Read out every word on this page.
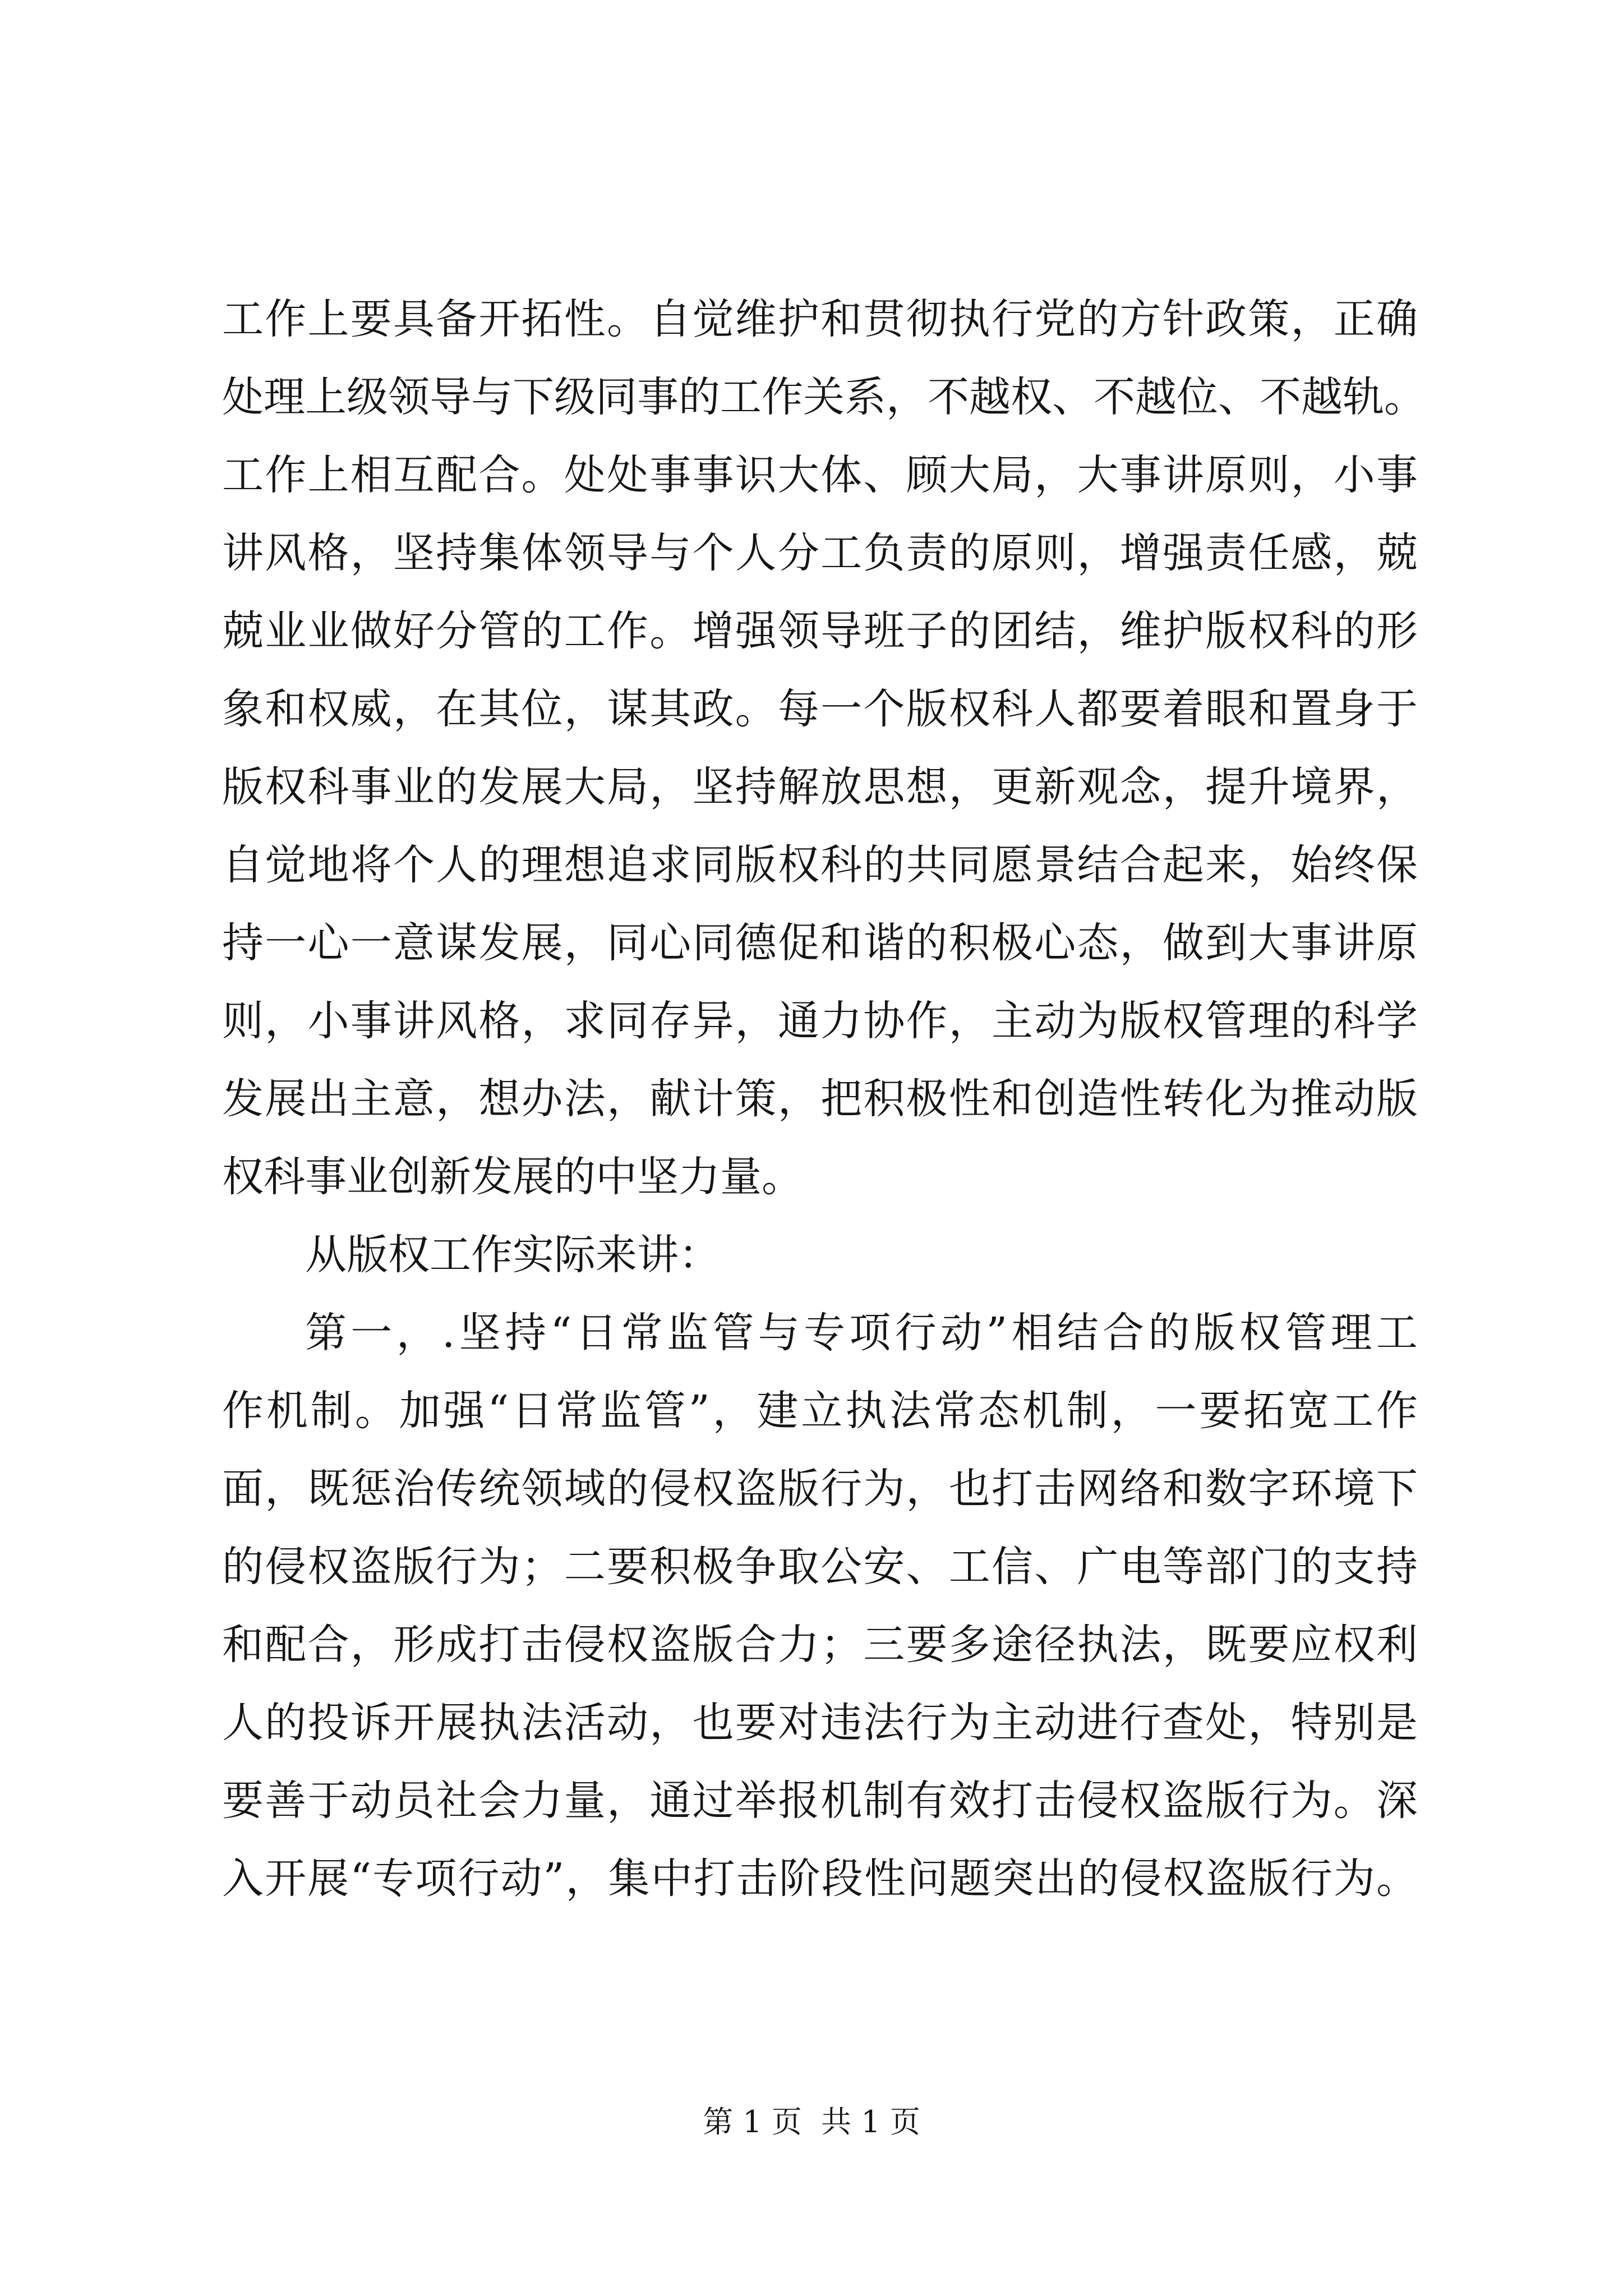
工作上要具备开拓性。自觉维护和贯彻执行党的方针政策，正确
处理上级领导与下级同事的工作关系，不越权、不越位、不越轨。
工作上相互配合。处处事事识大体、顾大局，大事讲原则，小事
讲风格，坚持集体领导与个人分工负责的原则，增强责任感，兢
兢业业做好分管的工作。增强领导班子的团结，维护版权科的形
象和权威，在其位，谋其政。每一个版权科人都要着眼和置身于
版权科事业的发展大局，坚持解放思想，更新观念，提升境界，
自觉地将个人的理想追求同版权科的共同愿景结合起来，始终保
持一心一意谋发展，同心同德促和谐的积极心态，做到大事讲原
则，小事讲风格，求同存异，通力协作，主动为版权管理的科学
发展出主意，想办法，献计策，把积极性和创造性转化为推动版
权科事业创新发展的中坚力量。
从版权工作实际来讲：
第一，.坚持“日常监管与专项行动”相结合的版权管理工
作机制。加强“日常监管”，建立执法常态机制，一要拓宽工作
面，既惩治传统领域的侵权盗版行为，也打击网络和数字环境下
的侵权盗版行为；二要积极争取公安、工信、广电等部门的支持
和配合，形成打击侵权盗版合力；三要多途径执法，既要应权利
人的投诉开展执法活动，也要对违法行为主动进行查处，特别是
要善于动员社会力量，通过举报机制有效打击侵权盗版行为。深
入开展“专项行动”，集中打击阶段性问题突出的侵权盗版行为。
第 1 页  共 1 页
